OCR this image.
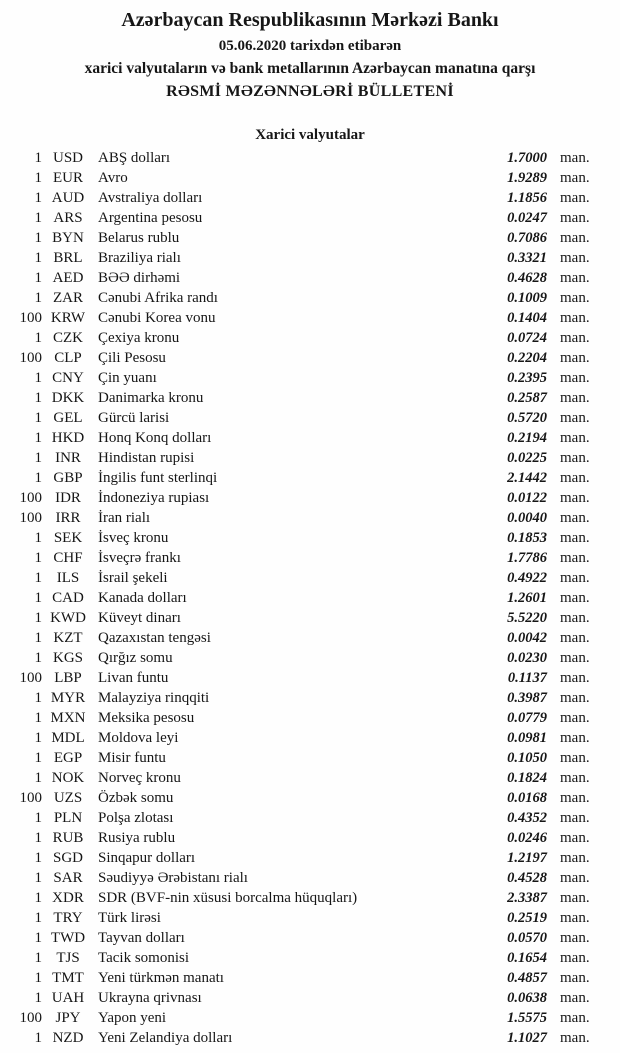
Azərbaycan Respublikasının Mərkəzi Bankı
05.06.2020 tarixdən etibarən
xarici valyutaların və bank metallarının Azərbaycan manatına qarşı
RƏSMİ MƏZƏNNƏLƏRİ BÜLLETENİ
Xarici valyutalar
1 USD	ABŞ dolları	1.7000 man.
1 EUR	Avro	1.9289 man.
1 AUD Avstraliya dolları	1.1856 man.
1 ARS	Argentina pesosu	0.0247 man.
1 BYN Belarus rublu	0.7086 man.
1 BRL	Braziliya rialı	0.3321 man.
1 AED BƏƏ dirhəmi	0.4628 man.
1 ZAR	Cənubi Afrika randı	0.1009 man.
100 KRW Cənubi Korea vonu	0.1404 man.
1 CZK	Çexiya kronu	0.0724 man.
100 CLP	Çili Pesosu	0.2204 man.
1 CNY Çin yuanı	0.2395 man.
1 DKK Danimarka kronu	0.2587 man.
1 GEL	Gürcü larisi	0.5720 man.
1 HKD Honq Konq dolları	0.2194 man.
1 INR	Hindistan rupisi	0.0225 man.
1 GBP	İngilis funt sterlinqi	2.1442 man.
100 IDR	İndoneziya rupiası	0.0122 man.
100 IRR	İran rialı	0.0040 man.
1 SEK	İsveç kronu	0.1853 man.
1 CHF	İsveçrə frankı	1.7786 man.
1 ILS	İsrail şekeli	0.4922 man.
1 CAD Kanada dolları	1.2601 man.
1 KWD Küveyt dinarı	5.5220 man.
1 KZT	Qazaxıstan tengəsi	0.0042 man.
1 KGS	Qırğız somu	0.0230 man.
100 LBP	Livan funtu	0.1137 man.
1 MYR Malayziya rinqqiti	0.3987 man.
1 MXN Meksika pesosu	0.0779 man.
1 MDL Moldova leyi	0.0981 man.
1 EGP	Misir funtu	0.1050 man.
1 NOK Norveç kronu	0.1824 man.
100 UZS	Özbək somu	0.0168 man.
1 PLN	Polşa zlotası	0.4352 man.
1 RUB Rusiya rublu	0.0246 man.
1 SGD	Sinqapur dolları	1.2197 man.
1 SAR	Səudiyyə Ərəbistanı rialı	0.4528 man.
1 XDR SDR (BVF-nin xüsusi borcalma hüquqları)	2.3387 man.
1 TRY	Türk lirəsi	0.2519 man.
1 TWD Tayvan dolları	0.0570 man.
1 TJS	Tacik somonisi	0.1654 man.
1 TMT Yeni türkmən manatı	0.4857 man.
1 UAH Ukrayna qrivnası	0.0638 man.
100 JPY	Yapon yeni	1.5575 man.
1 NZD Yeni Zelandiya dolları	1.1027 man.
